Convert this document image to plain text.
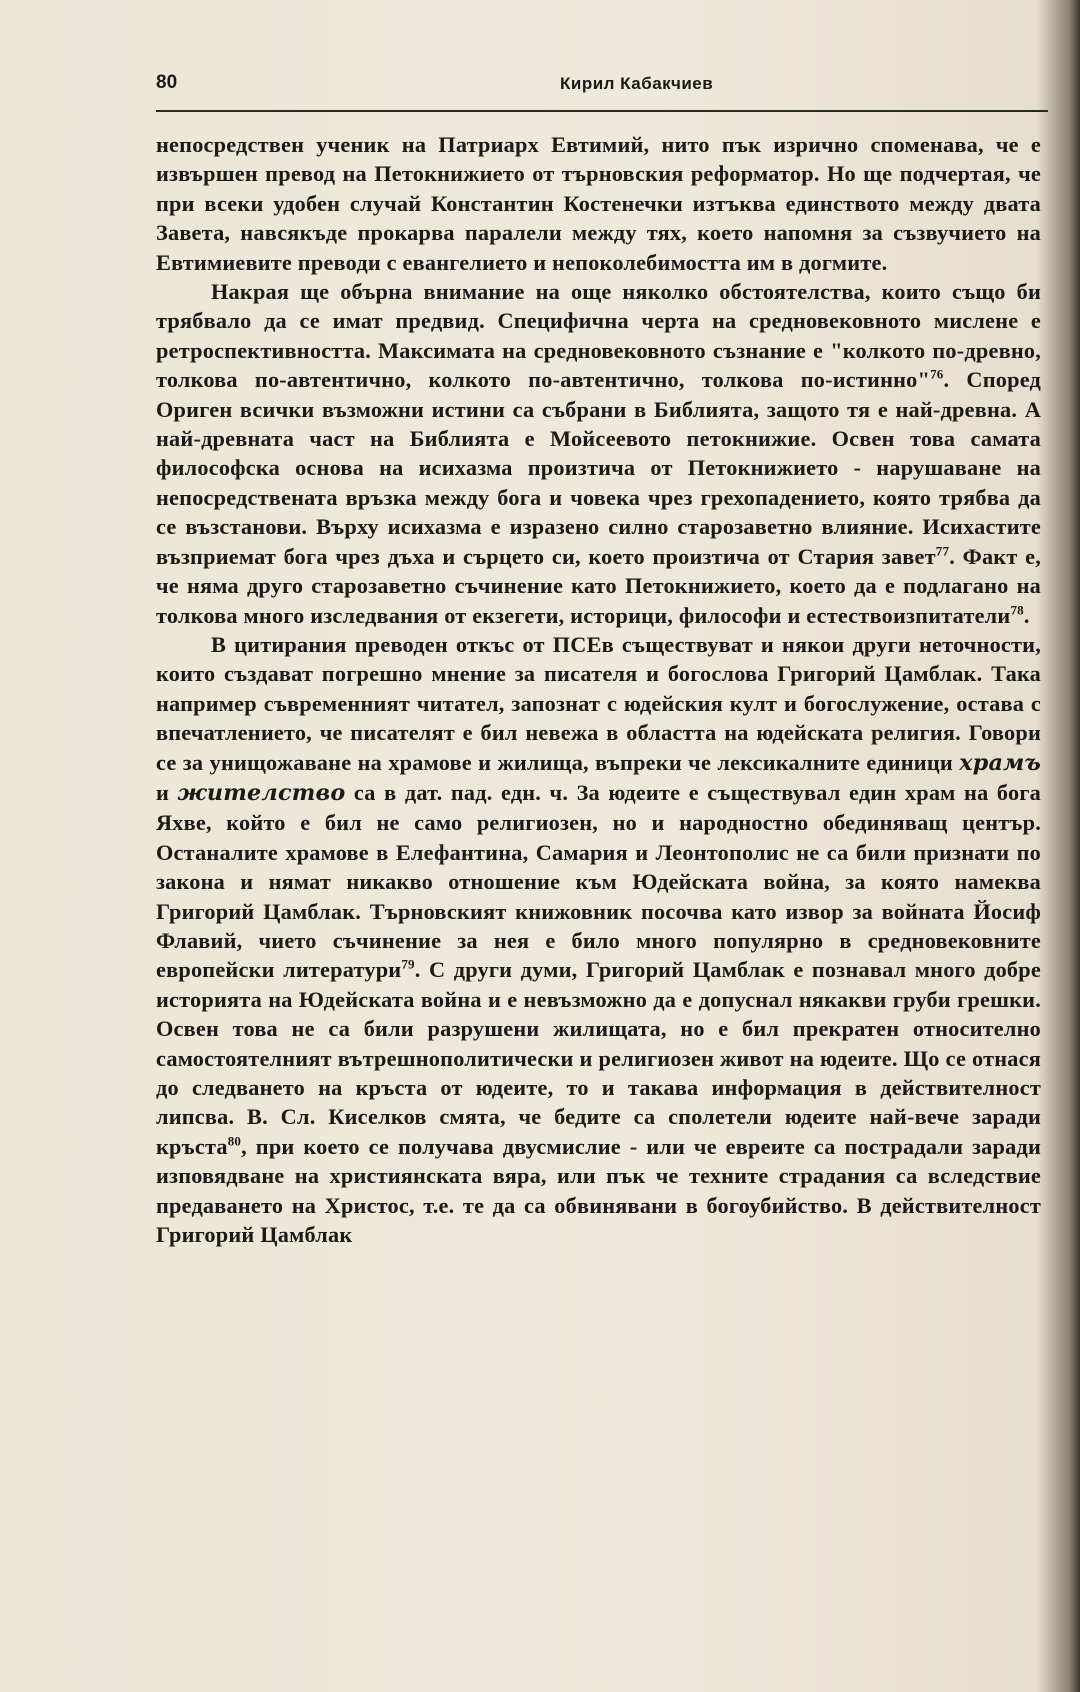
80	Кирил Кабакчиев

непосредствен ученик на Патриарх Евтимий, нито пък изрично споменава, че е извършен превод на Петокнижието от търновския реформатор. Но ще подчертая, че при всеки удобен случай Константин Костенечки изтъква единството между двата Завета, навсякъде прокарва паралели между тях, което напомня за съзвучието на Евтимиевите преводи с евангелието и непоколебимостта им в догмите.

Накрая ще обърна внимание на още няколко обстоятелства, които също би трябвало да се имат предвид. Специфична черта на средновековното мислене е ретроспективността. Максимата на средновековното съзнание е "колкото по-древно, толкова по-автентично, колкото по-автентично, толкова по-истинно"$^{76}$. Според Ориген всички възможни истини са събрани в Библията, защото тя е най-древна. А най-древната част на Библията е Мойсеевото петокнижие. Освен това самата философска основа на исихазма произтича от Петокнижието - нарушаване на непосредствената връзка между бога и човека чрез грехопадението, която трябва да се възстанови. Върху исихазма е изразено силно старозаветно влияние. Исихастите възприемат бога чрез дъха и сърцето си, което произтича от Стария завет$^{77}$. Факт е, че няма друго старозаветно съчинение като Петокнижието, което да е подлагано на толкова много изследвания от екзегети, историци, философи и естествоизпитатели$^{78}$.

В цитирания преводен откъс от ПСЕв съществуват и някои други неточности, които създават погрешно мнение за писателя и богослова Григорий Цамблак. Така например съвременният читател, запознат с юдейския култ и богослужение, остава с впечатлението, че писателят е бил невежа в областта на юдейската религия. Говори се за унищожаване на храмове и жилища, въпреки че лексикалните единици храмъ и жителство са в дат. пад. едн. ч. За юдеите е съществувал един храм на бога Яхве, който е бил не само религиозен, но и народностно обединяващ център. Останалите храмове в Елефантина, Самария и Леонтополис не са били признати по закона и нямат никакво отношение към Юдейската война, за която намеква Григорий Цамблак. Търновският книжовник посочва като извор за войната Йосиф Флавий, чието съчинение за нея е било много популярно в средновековните европейски литератури$^{79}$. С други думи, Григорий Цамблак е познавал много добре историята на Юдейската война и е невъзможно да е допуснал някакви груби грешки. Освен това не са били разрушени жилищата, но е бил прекратен относително самостоятелният вътрешнополитически и религиозен живот на юдеите. Що се отнася до следването на кръста от юдеите, то и такава информация в действителност липсва. В. Сл. Киселков смята, че бедите са сполетели юдеите най-вече заради кръста$^{80}$, при което се получава двусмислие - или че евреите са пострадали заради изповядване на християнската вяра, или пък че техните страдания са вследствие предаването на Христос, т.е. те да са обвинявани в богоубийство. В действителност Григорий Цамблак
